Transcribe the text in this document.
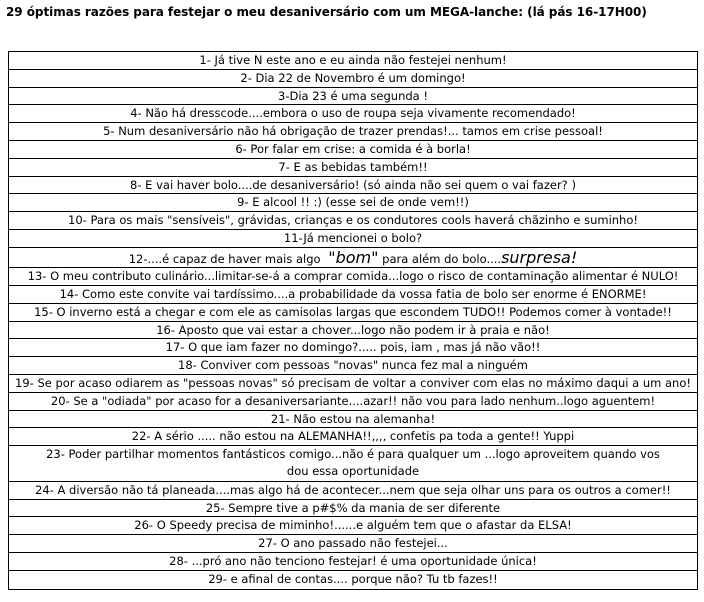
29 óptimas razões para festejar o meu desaniversário com um MEGA-lanche: (lá pás 16-17H00)
1- Já tive N este ano e eu ainda não festejei nenhum!
2- Dia 22 de Novembro é um domingo!
3-Dia 23 é uma segunda !
4- Não há dresscode....embora o uso de roupa seja vivamente recomendado!
5- Num desaniversário não há obrigação de trazer prendas!... tamos em crise pessoal!
6- Por falar em crise: a comida é à borla!
7- E as bebidas também!!
8- E vai haver bolo....de desaniversário! (só ainda não sei quem o vai fazer? )
9- E alcool !! :) (esse sei de onde vem!!)
10- Para os mais "sensíveis", grávidas, crianças e os condutores cools haverá chãzinho e suminho!
11-Já mencionei o bolo?
12-....é capaz de haver mais algo "bom" para além do bolo....surpresa!
13- O meu contributo culinário...limitar-se-á a comprar comida...logo o risco de contaminação alimentar é NULO!
14- Como este convite vai tardíssimo....a probabilidade da vossa fatia de bolo ser enorme é ENORME!
15- O inverno está a chegar e com ele as camisolas largas que escondem TUDO!! Podemos comer à vontade!!
16- Aposto que vai estar a chover...logo não podem ir à praia e não!
17- O que iam fazer no domingo?..... pois, iam , mas já não vão!!
18- Conviver com pessoas "novas" nunca fez mal a ninguém
19- Se por acaso odiarem as "pessoas novas" só precisam de voltar a conviver com elas no máximo daqui a um ano!
20- Se a "odiada" por acaso for a desaniversariante....azar!! não vou para lado nenhum..logo aguentem!
21- Não estou na alemanha!
22- A sério ..... não estou na ALEMANHA!!,,,, confetis pa toda a gente!! Yuppi
23- Poder partilhar momentos fantásticos comigo...não é para qualquer um ...logo aproveitem quando vos dou essa oportunidade
24- A diversão não tá planeada....mas algo há de acontecer...nem que seja olhar uns para os outros a comer!!
25- Sempre tive a p#$% da mania de ser diferente
26- O Speedy precisa de miminho!......e alguém tem que o afastar da ELSA!
27- O ano passado não festejei...
28- ...pró ano não tenciono festejar! é uma oportunidade única!
29- e afinal de contas.... porque não? Tu tb fazes!!
